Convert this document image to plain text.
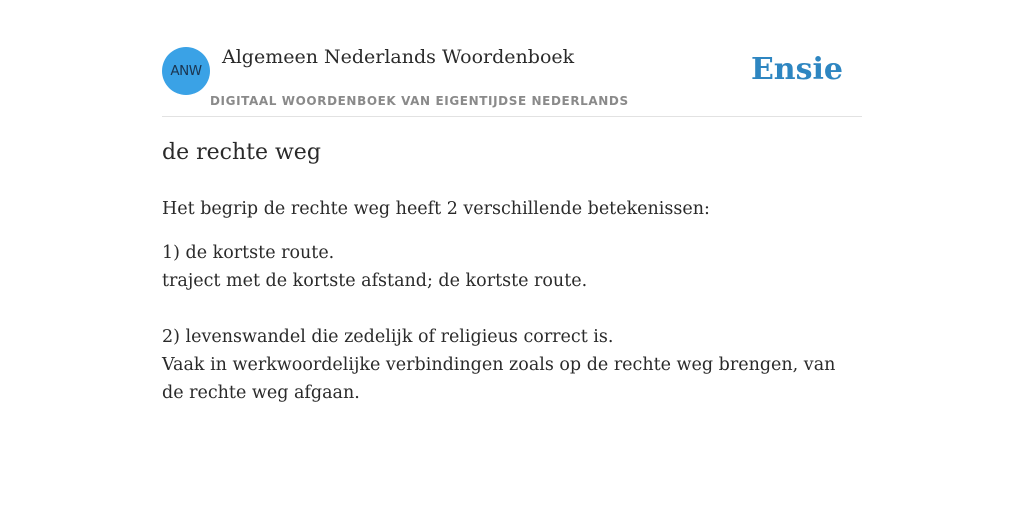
ANW
Algemeen Nederlands Woordenboek
DIGITAAL WOORDENBOEK VAN EIGENTIJDSE NEDERLANDS
Ensie
de rechte weg
Het begrip de rechte weg heeft 2 verschillende betekenissen:

1) de kortste route.

traject met de kortste afstand; de kortste route.

2) levenswandel die zedelijk of religieus correct is.

Vaak in werkwoordelijke verbindingen zoals op de rechte weg brengen, van de rechte weg afgaan.
